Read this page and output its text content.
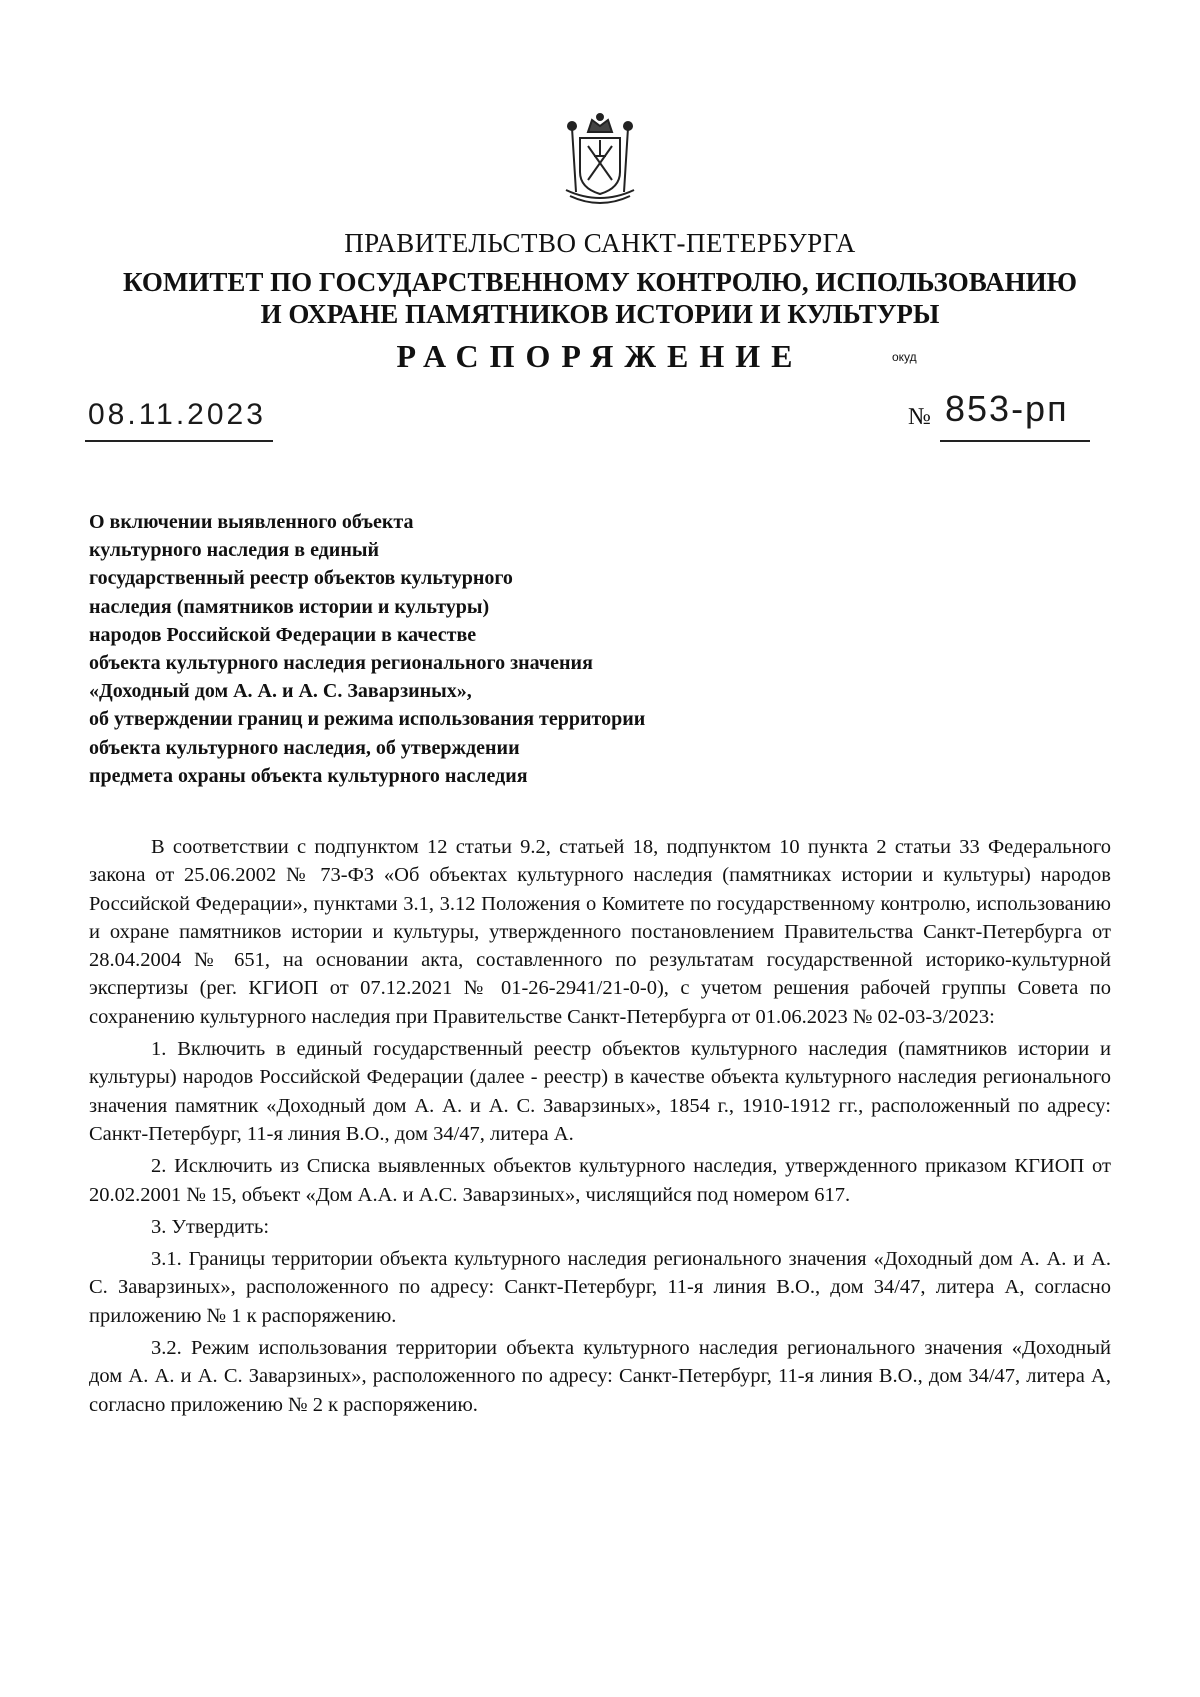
ПРАВИТЕЛЬСТВО САНКТ-ПЕТЕРБУРГА
КОМИТЕТ ПО ГОСУДАРСТВЕННОМУ КОНТРОЛЮ, ИСПОЛЬЗОВАНИЮ
И ОХРАНЕ ПАМЯТНИКОВ ИСТОРИИ И КУЛЬТУРЫ
РАСПОРЯЖЕНИЕ	окуд
08.11.2023	№ 853-рп
О включении выявленного объекта
культурного наследия в единый
государственный реестр объектов культурного
наследия (памятников истории и культуры)
народов Российской Федерации в качестве
объекта культурного наследия регионального значения
«Доходный дом А. А. и А. С. Заварзиных»,
об утверждении границ и режима использования территории
объекта культурного наследия, об утверждении
предмета охраны объекта культурного наследия

В соответствии с подпунктом 12 статьи 9.2, статьей 18, подпунктом 10 пункта 2 статьи 33 Федерального закона от 25.06.2002 № 73-ФЗ «Об объектах культурного наследия (памятниках истории и культуры) народов Российской Федерации», пунктами 3.1, 3.12 Положения о Комитете по государственному контролю, использованию и охране памятников истории и культуры, утвержденного постановлением Правительства Санкт-Петербурга от 28.04.2004 № 651, на основании акта, составленного по результатам государственной историко-культурной экспертизы (рег. КГИОП от 07.12.2021 № 01-26-2941/21-0-0), с учетом решения рабочей группы Совета по сохранению культурного наследия при Правительстве Санкт-Петербурга от 01.06.2023 № 02-03-3/2023:

1. Включить в единый государственный реестр объектов культурного наследия (памятников истории и культуры) народов Российской Федерации (далее - реестр) в качестве объекта культурного наследия регионального значения памятник «Доходный дом А. А. и А. С. Заварзиных», 1854 г., 1910-1912 гг., расположенный по адресу: Санкт-Петербург, 11-я линия В.О., дом 34/47, литера А.

2. Исключить из Списка выявленных объектов культурного наследия, утвержденного приказом КГИОП от 20.02.2001 № 15, объект «Дом А.А. и А.С. Заварзиных», числящийся под номером 617.

3. Утвердить:

3.1. Границы территории объекта культурного наследия регионального значения «Доходный дом А. А. и А. С. Заварзиных», расположенного по адресу: Санкт-Петербург, 11-я линия В.О., дом 34/47, литера А, согласно приложению № 1 к распоряжению.

3.2. Режим использования территории объекта культурного наследия регионального значения «Доходный дом А. А. и А. С. Заварзиных», расположенного по адресу: Санкт-Петербург, 11-я линия В.О., дом 34/47, литера А, согласно приложению № 2 к распоряжению.
